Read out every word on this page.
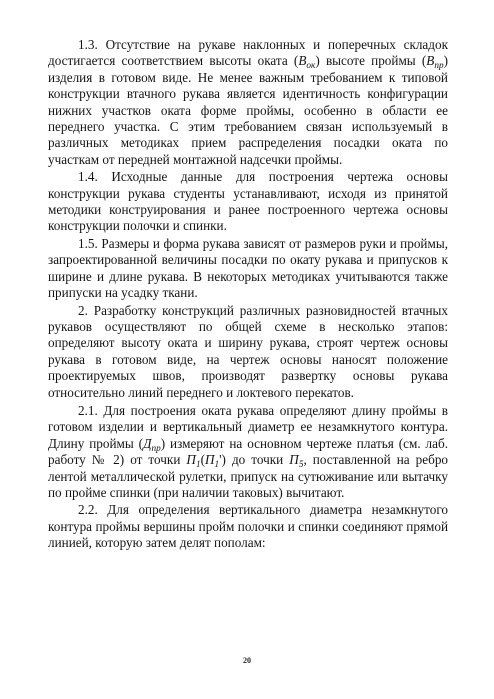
1.3. Отсутствие на рукаве наклонных и поперечных складок достигается соответствием высоты оката $(В_{ок})$ высоте проймы $(В_{пр})$ изделия в готовом виде. Не менее важным требованием к типовой конструкции втачного рукава является идентичность конфигурации нижних участков оката форме проймы, особенно в области ее переднего участка. С этим требованием связан используемый в различных методиках прием распределения посадки оката по участкам от передней монтажной надсечки проймы.

1.4. Исходные данные для построения чертежа основы конструкции рукава студенты устанавливают, исходя из принятой методики конструирования и ранее построенного чертежа основы конструкции полочки и спинки.

1.5. Размеры и форма рукава зависят от размеров руки и проймы, запроектированной величины посадки по окату рукава и припусков к ширине и длине рукава. В некоторых методиках учитываются также припуски на усадку ткани.

2. Разработку конструкций различных разновидностей втачных рукавов осуществляют по общей схеме в несколько этапов: определяют высоту оката и ширину рукава, строят чертеж основы рукава в готовом виде, на чертеж основы наносят положение проектируемых швов, производят развертку основы рукава относительно линий переднего и локтевого перекатов.

2.1. Для построения оката рукава определяют длину проймы в готовом изделии и вертикальный диаметр ее незамкнутого контура. Длину проймы $(Д_{пр})$ измеряют на основном чертеже платья (см. лаб. работу № 2) от точки $П_1(П_1')$ до точки $П_5$, поставленной на ребро лентой металлической рулетки, припуск на сутюживание или вытачку по пройме спинки (при наличии таковых) вычитают.

2.2. Для определения вертикального диаметра незамкнутого контура проймы вершины пройм полочки и спинки соединяют прямой линией, которую затем делят пополам:

20
